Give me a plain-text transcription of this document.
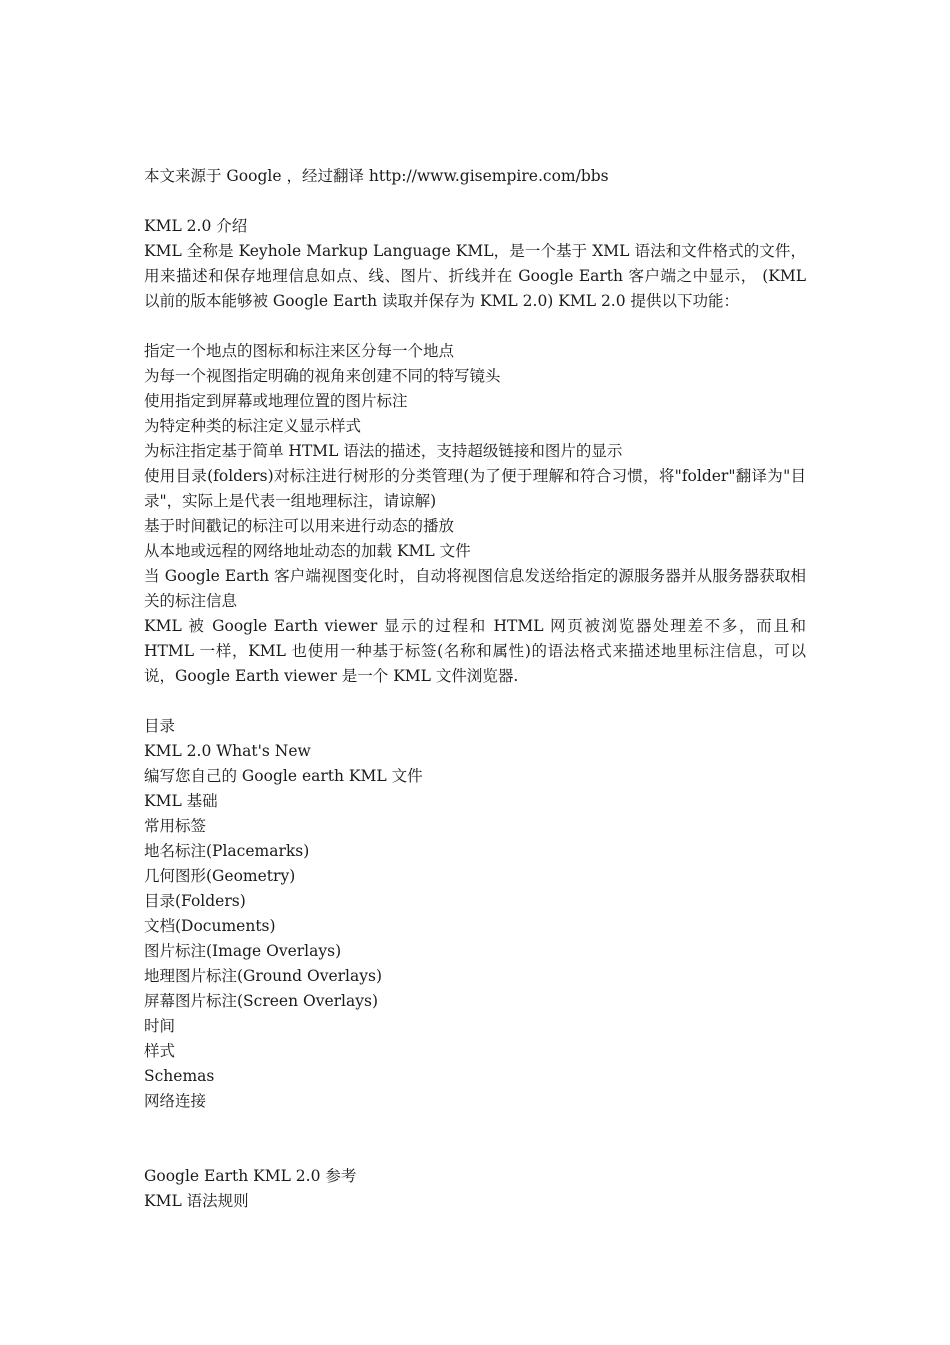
本文来源于 Google ，经过翻译 http://www.gisempire.com/bbs
KML 2.0 介绍
KML 全称是 Keyhole Markup Language KML，是一个基于 XML 语法和文件格式的文件，用来描述和保存地理信息如点、线、图片、折线并在 Google Earth 客户端之中显示， (KML 以前的版本能够被 Google Earth 读取并保存为 KML 2.0) KML 2.0 提供以下功能：
指定一个地点的图标和标注来区分每一个地点
为每一个视图指定明确的视角来创建不同的特写镜头
使用指定到屏幕或地理位置的图片标注
为特定种类的标注定义显示样式
为标注指定基于简单 HTML 语法的描述，支持超级链接和图片的显示
使用目录(folders)对标注进行树形的分类管理(为了便于理解和符合习惯，将"folder"翻译为"目录"，实际上是代表一组地理标注，请谅解)
基于时间戳记的标注可以用来进行动态的播放
从本地或远程的网络地址动态的加载 KML 文件
当 Google Earth 客户端视图变化时，自动将视图信息发送给指定的源服务器并从服务器获取相关的标注信息
KML 被 Google Earth viewer 显示的过程和 HTML 网页被浏览器处理差不多，而且和 HTML 一样，KML 也使用一种基于标签(名称和属性)的语法格式来描述地里标注信息，可以说，Google Earth viewer 是一个 KML 文件浏览器.
目录
KML 2.0 What's New
编写您自己的 Google earth KML 文件
KML 基础
常用标签
地名标注(Placemarks)
几何图形(Geometry)
目录(Folders)
文档(Documents)
图片标注(Image Overlays)
地理图片标注(Ground Overlays)
屏幕图片标注(Screen Overlays)
时间
样式
Schemas
网络连接
Google Earth KML 2.0 参考
KML 语法规则
